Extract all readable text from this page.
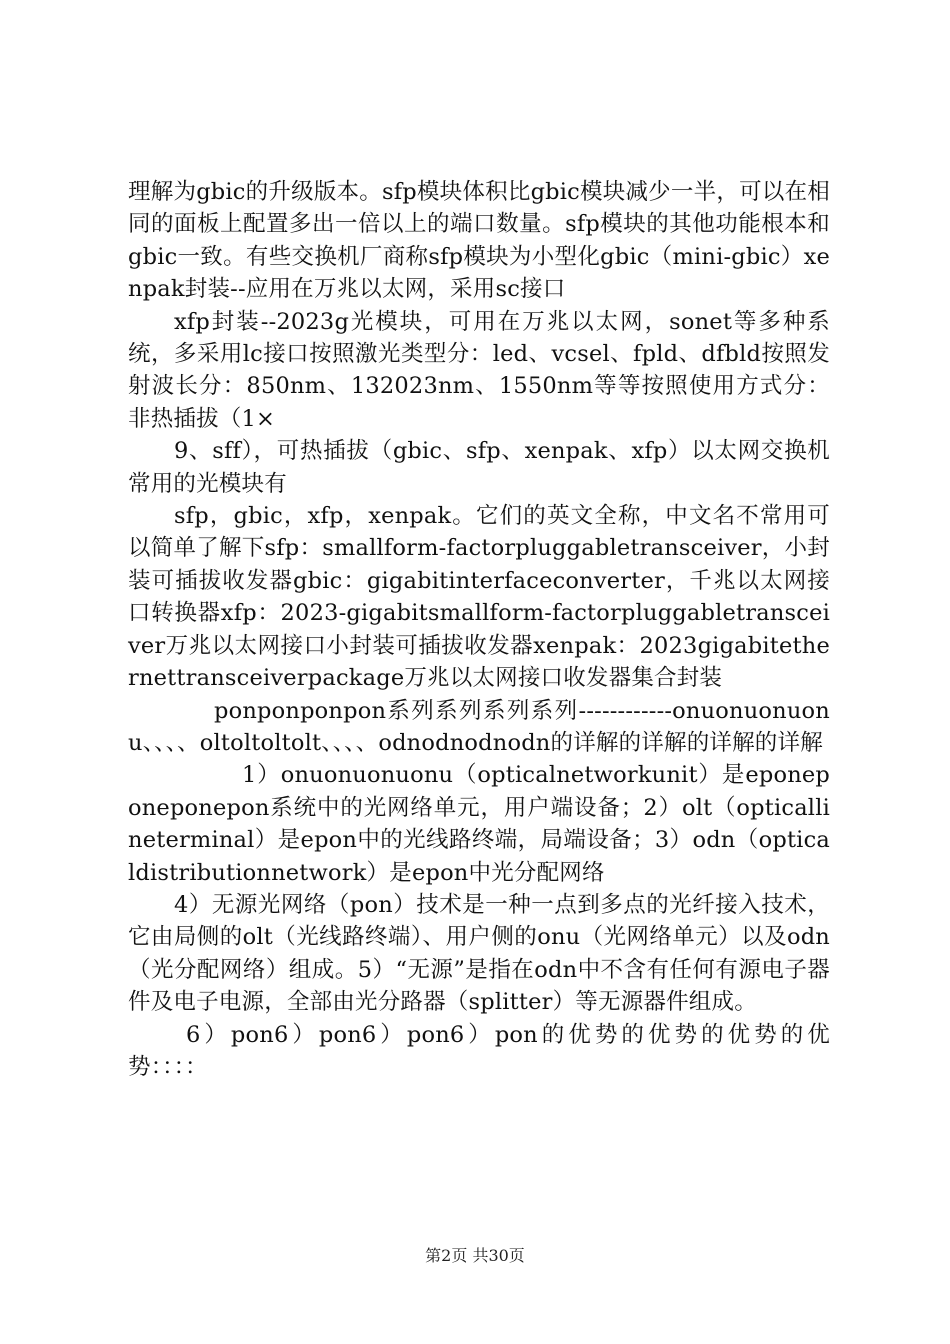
理解为gbic的升级版本。sfp模块体积比gbic模块减少一半，可以在相同的面板上配置多出一倍以上的端口数量。sfp模块的其他功能根本和gbic一致。有些交换机厂商称sfp模块为小型化gbic（mini-gbic）xenpak封装--应用在万兆以太网，采用sc接口

xfp封装--2023g光模块，可用在万兆以太网，sonet等多种系统，多采用lc接口按照激光类型分：led、vcsel、fpld、dfbld按照发射波长分：850nm、132023nm、1550nm等等按照使用方式分：非热插拔（1×

9、sff），可热插拔（gbic、sfp、xenpak、xfp）以太网交换机常用的光模块有

sfp，gbic，xfp，xenpak。它们的英文全称，中文名不常用可以简单了解下sfp：smallform-factorpluggabletransceiver，小封装可插拔收发器gbic：gigabitinterfaceconverter，千兆以太网接口转换器xfp：2023-gigabitsmallform-factorpluggabletransceiver万兆以太网接口小封装可插拔收发器xenpak：2023gigabitethernettransceiverpackage万兆以太网接口收发器集合封装

ponponponpon系列系列系列系列------------onuonuonuonu、、、、oltoltoltolt、、、、odnodnodnodn的详解的详解的详解的详解

1）onuonuonuonu（opticalnetworkunit）是eponeponeponepon系统中的光网络单元，用户端设备；2）olt（opticallineterminal）是epon中的光线路终端，局端设备；3）odn（opticaldistributionnetwork）是epon中光分配网络

4）无源光网络（pon）技术是一种一点到多点的光纤接入技术，它由局侧的olt（光线路终端）、用户侧的onu（光网络单元）以及odn（光分配网络）组成。5）“无源”是指在odn中不含有任何有源电子器件及电子电源，全部由光分路器（splitter）等无源器件组成。

6）pon6）pon6）pon6）pon的优势的优势的优势的优势：：：：

第2页 共30页
